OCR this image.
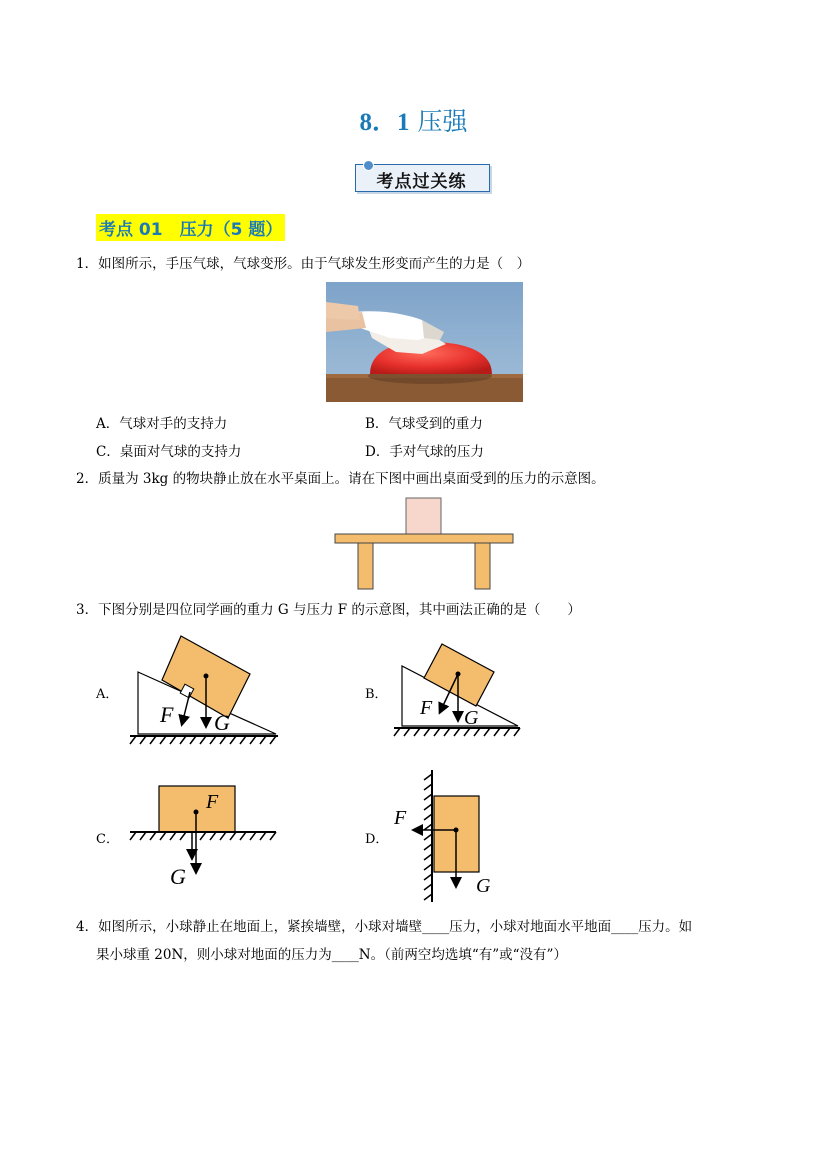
8．1 压强
考点过关练
考点 01　压力（5 题）
1．如图所示，手压气球，气球变形。由于气球发生形变而产生的力是（　）
A．气球对手的支持力	B．气球受到的重力
C．桌面对气球的支持力	D．手对气球的压力
2．质量为 3kg 的物块静止放在水平桌面上。请在下图中画出桌面受到的压力的示意图。
3．下图分别是四位同学画的重力 G 与压力 F 的示意图，其中画法正确的是（　　）
A．	B．
C．	D．
F G
F G
F
G
F
G
4．如图所示，小球静止在地面上，紧挨墙壁，小球对墙壁____压力，小球对地面水平地面____压力。如
果小球重 20N，则小球对地面的压力为____N。（前两空均选填“有”或“没有”）
